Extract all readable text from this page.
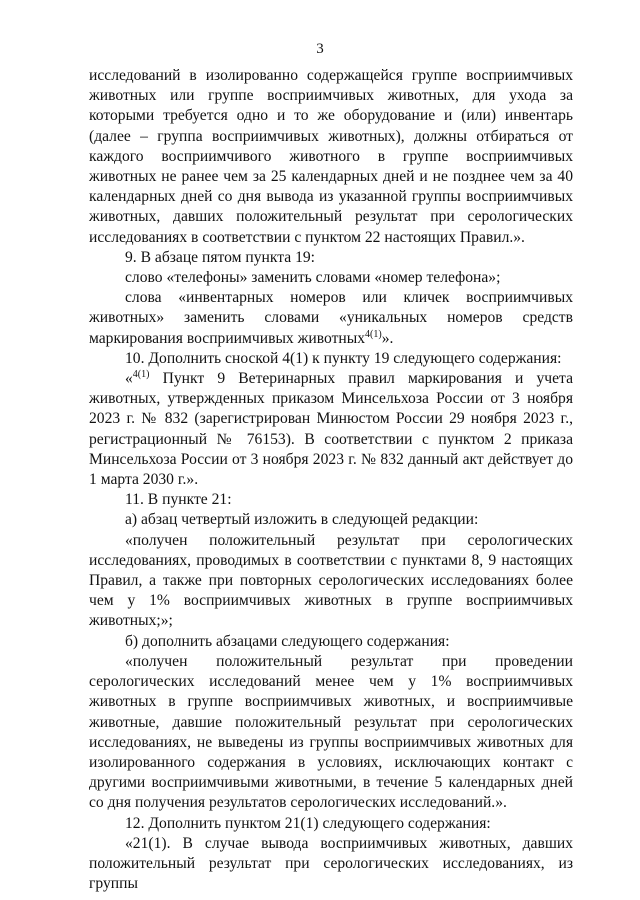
3

исследований в изолированно содержащейся группе восприимчивых животных или группе восприимчивых животных, для ухода за которыми требуется одно и то же оборудование и (или) инвентарь (далее – группа восприимчивых животных), должны отбираться от каждого восприимчивого животного в группе восприимчивых животных не ранее чем за 25 календарных дней и не позднее чем за 40 календарных дней со дня вывода из указанной группы восприимчивых животных, давших положительный результат при серологических исследованиях в соответствии с пунктом 22 настоящих Правил.».

9. В абзаце пятом пункта 19:

слово «телефоны» заменить словами «номер телефона»;

слова «инвентарных номеров или кличек восприимчивых животных» заменить словами «уникальных номеров средств маркирования восприимчивых животных$^{4(1)}$».

10. Дополнить сноской 4(1) к пункту 19 следующего содержания:

«$^{4(1)}$ Пункт 9 Ветеринарных правил маркирования и учета животных, утвержденных приказом Минсельхоза России от 3 ноября 2023 г. № 832 (зарегистрирован Минюстом России 29 ноября 2023 г., регистрационный № 76153). В соответствии с пунктом 2 приказа Минсельхоза России от 3 ноября 2023 г. № 832 данный акт действует до 1 марта 2030 г.».

11. В пункте 21:

а) абзац четвертый изложить в следующей редакции:

«получен положительный результат при серологических исследованиях, проводимых в соответствии с пунктами 8, 9 настоящих Правил, а также при повторных серологических исследованиях более чем у 1% восприимчивых животных в группе восприимчивых животных;»;

б) дополнить абзацами следующего содержания:

«получен положительный результат при проведении серологических исследований менее чем у 1% восприимчивых животных в группе восприимчивых животных, и восприимчивые животные, давшие положительный результат при серологических исследованиях, не выведены из группы восприимчивых животных для изолированного содержания в условиях, исключающих контакт с другими восприимчивыми животными, в течение 5 календарных дней со дня получения результатов серологических исследований.».

12. Дополнить пунктом 21(1) следующего содержания:

«21(1). В случае вывода восприимчивых животных, давших положительный результат при серологических исследованиях, из группы
